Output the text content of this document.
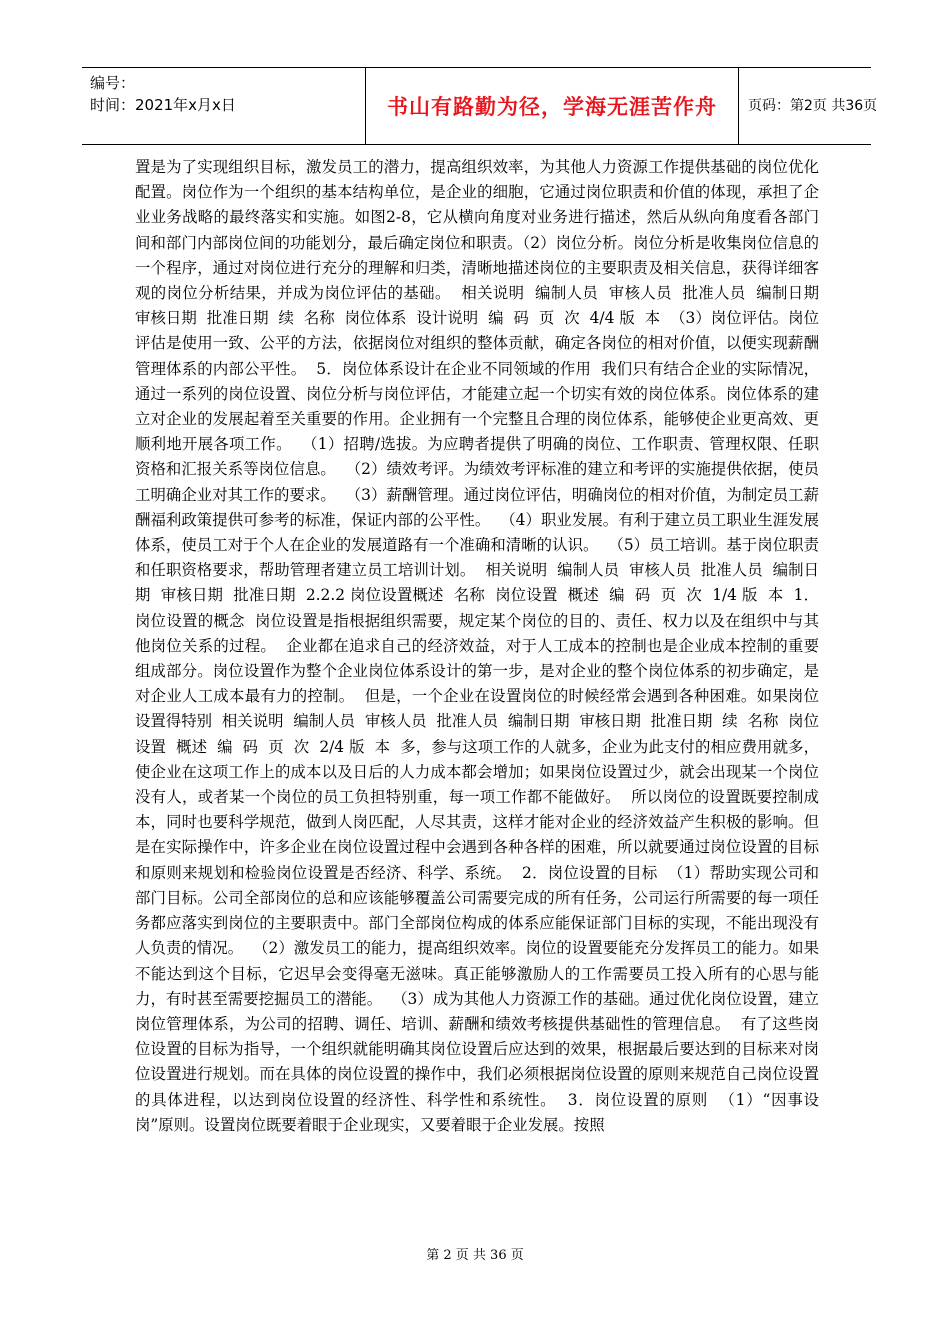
编号：
时间：2021年x月x日	书山有路勤为径，学海无涯苦作舟	页码：第2页 共36页

置是为了实现组织目标，激发员工的潜力，提高组织效率，为其他人力资源工作提供基础的岗位优化配置。岗位作为一个组织的基本结构单位，是企业的细胞，它通过岗位职责和价值的体现，承担了企业业务战略的最终落实和实施。如图2-8，它从横向角度对业务进行描述，然后从纵向角度看各部门间和部门内部岗位间的功能划分，最后确定岗位和职责。（2）岗位分析。岗位分析是收集岗位信息的一个程序，通过对岗位进行充分的理解和归类，清晰地描述岗位的主要职责及相关信息，获得详细客观的岗位分析结果，并成为岗位评估的基础。  相关说明  编制人员  审核人员  批准人员  编制日期  审核日期  批准日期  续  名称  岗位体系  设计说明  编  码  页  次  4/4 版  本  （3）岗位评估。岗位评估是使用一致、公平的方法，依据岗位对组织的整体贡献，确定各岗位的相对价值，以便实现薪酬管理体系的内部公平性。  5．岗位体系设计在企业不同领域的作用  我们只有结合企业的实际情况，通过一系列的岗位设置、岗位分析与岗位评估，才能建立起一个切实有效的岗位体系。岗位体系的建立对企业的发展起着至关重要的作用。企业拥有一个完整且合理的岗位体系，能够使企业更高效、更顺利地开展各项工作。  （1）招聘/选拔。为应聘者提供了明确的岗位、工作职责、管理权限、任职资格和汇报关系等岗位信息。  （2）绩效考评。为绩效考评标准的建立和考评的实施提供依据，使员工明确企业对其工作的要求。  （3）薪酬管理。通过岗位评估，明确岗位的相对价值，为制定员工薪酬福利政策提供可参考的标准，保证内部的公平性。  （4）职业发展。有利于建立员工职业生涯发展体系，使员工对于个人在企业的发展道路有一个准确和清晰的认识。  （5）员工培训。基于岗位职责和任职资格要求，帮助管理者建立员工培训计划。  相关说明  编制人员  审核人员  批准人员  编制日期  审核日期  批准日期  2.2.2 岗位设置概述  名称  岗位设置  概述  编  码  页  次  1/4 版  本  1．岗位设置的概念  岗位设置是指根据组织需要，规定某个岗位的目的、责任、权力以及在组织中与其他岗位关系的过程。  企业都在追求自己的经济效益，对于人工成本的控制也是企业成本控制的重要组成部分。岗位设置作为整个企业岗位体系设计的第一步，是对企业的整个岗位体系的初步确定，是对企业人工成本最有力的控制。  但是，一个企业在设置岗位的时候经常会遇到各种困难。如果岗位设置得特别  相关说明  编制人员  审核人员  批准人员  编制日期  审核日期  批准日期  续  名称  岗位设置  概述  编  码  页  次  2/4 版  本  多，参与这项工作的人就多，企业为此支付的相应费用就多，使企业在这项工作上的成本以及日后的人力成本都会增加；如果岗位设置过少，就会出现某一个岗位没有人，或者某一个岗位的员工负担特别重，每一项工作都不能做好。  所以岗位的设置既要控制成本，同时也要科学规范，做到人岗匹配，人尽其责，这样才能对企业的经济效益产生积极的影响。但是在实际操作中，许多企业在岗位设置过程中会遇到各种各样的困难，所以就要通过岗位设置的目标和原则来规划和检验岗位设置是否经济、科学、系统。  2．岗位设置的目标  （1）帮助实现公司和部门目标。公司全部岗位的总和应该能够覆盖公司需要完成的所有任务，公司运行所需要的每一项任务都应落实到岗位的主要职责中。部门全部岗位构成的体系应能保证部门目标的实现，不能出现没有人负责的情况。  （2）激发员工的能力，提高组织效率。岗位的设置要能充分发挥员工的能力。如果不能达到这个目标，它迟早会变得毫无滋味。真正能够激励人的工作需要员工投入所有的心思与能力，有时甚至需要挖掘员工的潜能。  （3）成为其他人力资源工作的基础。通过优化岗位设置，建立岗位管理体系，为公司的招聘、调任、培训、薪酬和绩效考核提供基础性的管理信息。  有了这些岗位设置的目标为指导，一个组织就能明确其岗位设置后应达到的效果，根据最后要达到的目标来对岗位设置进行规划。而在具体的岗位设置的操作中，我们必须根据岗位设置的原则来规范自己岗位设置的具体进程，以达到岗位设置的经济性、科学性和系统性。  3．岗位设置的原则  （1）“因事设岗”原则。设置岗位既要着眼于企业现实，又要着眼于企业发展。按照

第 2 页 共 36 页
